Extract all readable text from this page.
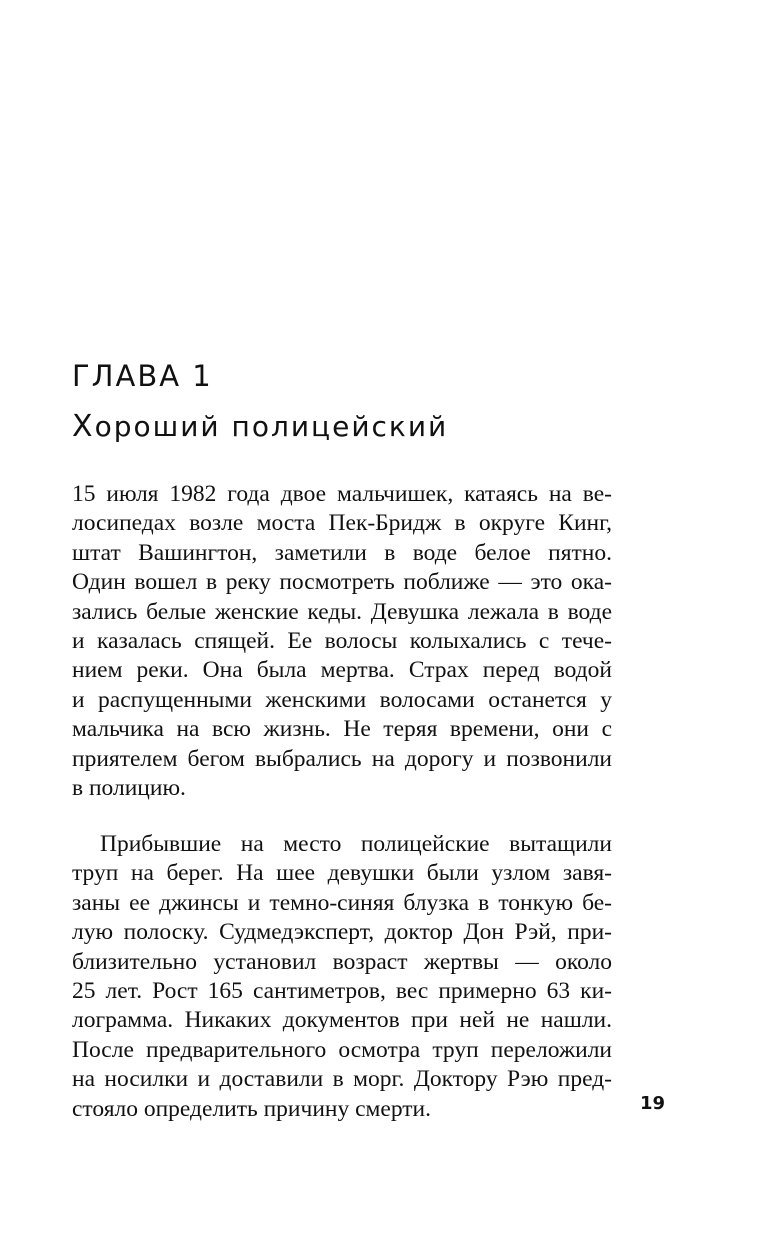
ГЛАВА 1
Хороший полицейский
15 июля 1982 года двое мальчишек, катаясь на ве-
лосипедах возле моста Пек-Бридж в округе Кинг,
штат Вашингтон, заметили в воде белое пятно.
Один вошел в реку посмотреть поближе — это ока-
зались белые женские кеды. Девушка лежала в воде
и казалась спящей. Ее волосы колыхались с тече-
нием реки. Она была мертва. Страх перед водой
и распущенными женскими волосами останется у
мальчика на всю жизнь. Не теряя времени, они с
приятелем бегом выбрались на дорогу и позвонили
в полицию.
Прибывшие на место полицейские вытащили
труп на берег. На шее девушки были узлом завя-
заны ее джинсы и темно-синяя блузка в тонкую бе-
лую полоску. Судмедэксперт, доктор Дон Рэй, при-
близительно установил возраст жертвы — около
25 лет. Рост 165 сантиметров, вес примерно 63 ки-
лограмма. Никаких документов при ней не нашли.
После предварительного осмотра труп переложили
на носилки и доставили в морг. Доктору Рэю пред-
стояло определить причину смерти.	19
